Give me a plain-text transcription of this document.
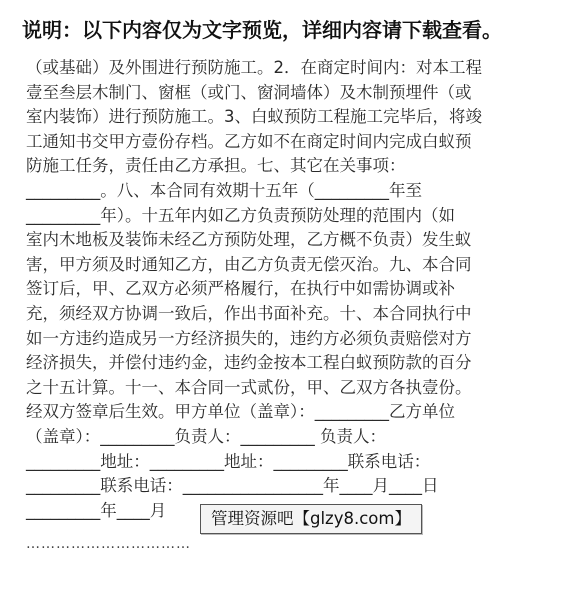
说明：以下内容仅为文字预览，详细内容请下载查看。
（或基础）及外围进行预防施工。2．在商定时间内：对本工程
壹至叁层木制门、窗框（或门、窗洞墙体）及木制预埋件（或
室内装饰）进行预防施工。3、白蚁预防工程施工完毕后，将竣
工通知书交甲方壹份存档。乙方如不在商定时间内完成白蚁预
防施工任务，责任由乙方承担。七、其它在关事项：
_________。八、本合同有效期十五年（_________年至
_________年）。十五年内如乙方负责预防处理的范围内（如
室内木地板及装饰未经乙方预防处理，乙方概不负责）发生蚁
害，甲方须及时通知乙方，由乙方负责无偿灭治。九、本合同
签订后，甲、乙双方必须严格履行，在执行中如需协调或补
充，须经双方协调一致后，作出书面补充。十、本合同执行中
如一方违约造成另一方经济损失的，违约方必须负责赔偿对方
经济损失，并偿付违约金，违约金按本工程白蚁预防款的百分
之十五计算。十一、本合同一式贰份，甲、乙双方各执壹份。
经双方签章后生效。甲方单位（盖章）：_________乙方单位
（盖章）：_________负责人：_________ 负责人：
_________地址：_________地址：_________联系电话：
_________联系电话：_________________年____月____日
_________年____月
……………………………
管理资源吧【glzy8.com】
